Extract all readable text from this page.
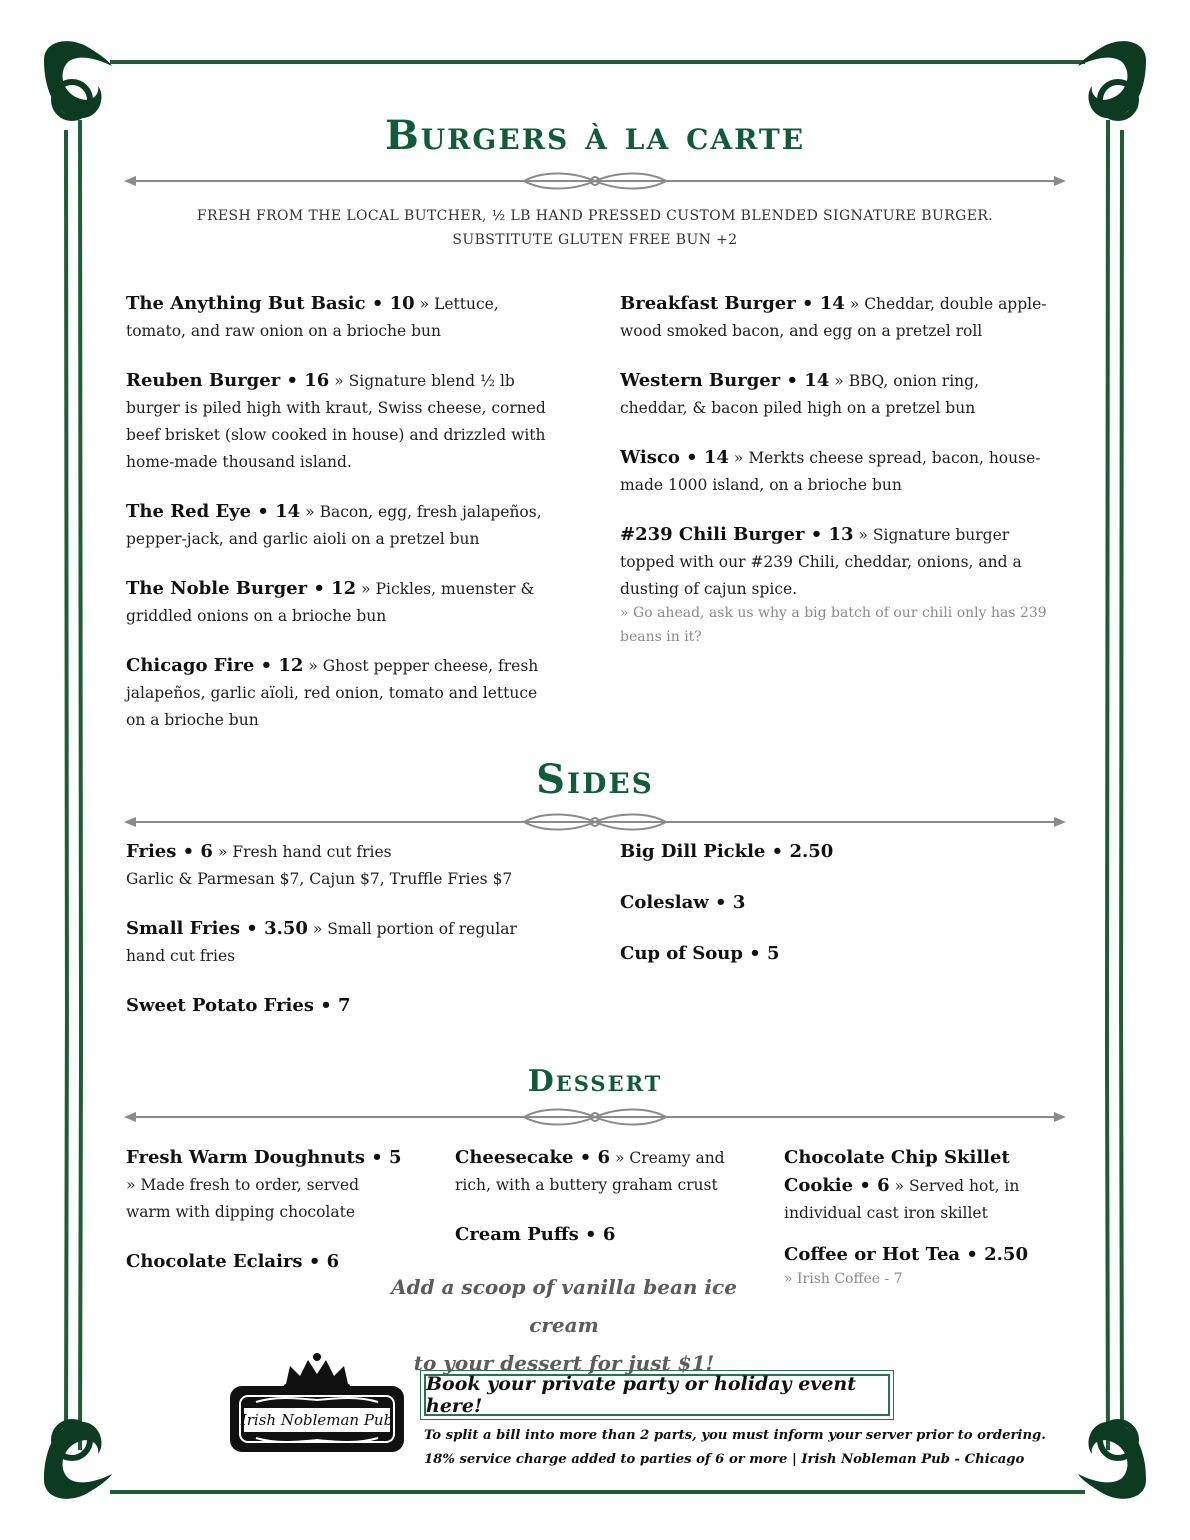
Burgers à la carte
FRESH FROM THE LOCAL BUTCHER, ½ LB HAND PRESSED CUSTOM BLENDED SIGNATURE BURGER.
SUBSTITUTE GLUTEN FREE BUN +2
The Anything But Basic • 10 » Lettuce, tomato, and raw onion on a brioche bun
Reuben Burger • 16 » Signature blend ½ lb burger is piled high with kraut, Swiss cheese, corned beef brisket (slow cooked in house) and drizzled with home-made thousand island.
The Red Eye • 14 » Bacon, egg, fresh jalapeños, pepper-jack, and garlic aioli on a pretzel bun
The Noble Burger • 12 » Pickles, muenster & griddled onions on a brioche bun
Chicago Fire • 12 » Ghost pepper cheese, fresh jalapeños, garlic aïoli, red onion, tomato and lettuce on a brioche bun
Breakfast Burger • 14 » Cheddar, double apple-wood smoked bacon, and egg on a pretzel roll
Western Burger • 14 » BBQ, onion ring, cheddar, & bacon piled high on a pretzel bun
Wisco • 14 » Merkts cheese spread, bacon, house-made 1000 island, on a brioche bun
#239 Chili Burger • 13 » Signature burger topped with our #239 Chili, cheddar, onions, and a dusting of cajun spice.
» Go ahead, ask us why a big batch of our chili only has 239 beans in it?
Sides
Fries • 6 » Fresh hand cut fries
Garlic & Parmesan $7, Cajun $7, Truffle Fries $7
Small Fries • 3.50 » Small portion of regular hand cut fries
Sweet Potato Fries • 7
Big Dill Pickle • 2.50
Coleslaw • 3
Cup of Soup • 5
Dessert
Fresh Warm Doughnuts • 5
» Made fresh to order, served warm with dipping chocolate
Chocolate Eclairs • 6
Cheesecake • 6 » Creamy and rich, with a buttery graham crust
Cream Puffs • 6
Chocolate Chip Skillet Cookie • 6 » Served hot, in individual cast iron skillet
Coffee or Hot Tea • 2.50
» Irish Coffee - 7
Add a scoop of vanilla bean ice cream
to your dessert for just $1!
Irish Nobleman Pub
Book your private party or holiday event here!
To split a bill into more than 2 parts, you must inform your server prior to ordering.
18% service charge added to parties of 6 or more | Irish Nobleman Pub - Chicago
